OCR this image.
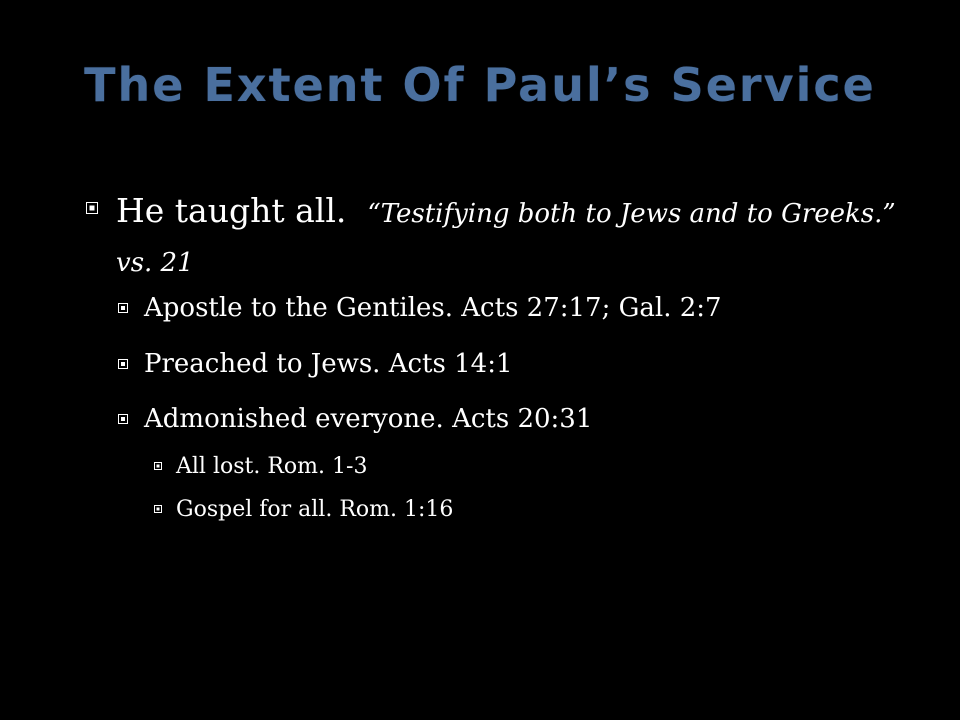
The Extent Of Paul’s Service
He taught all. “Testifying both to Jews and to Greeks.” vs. 21
Apostle to the Gentiles. Acts 27:17; Gal. 2:7
Preached to Jews. Acts 14:1
Admonished everyone. Acts 20:31
All lost. Rom. 1-3
Gospel for all. Rom. 1:16
